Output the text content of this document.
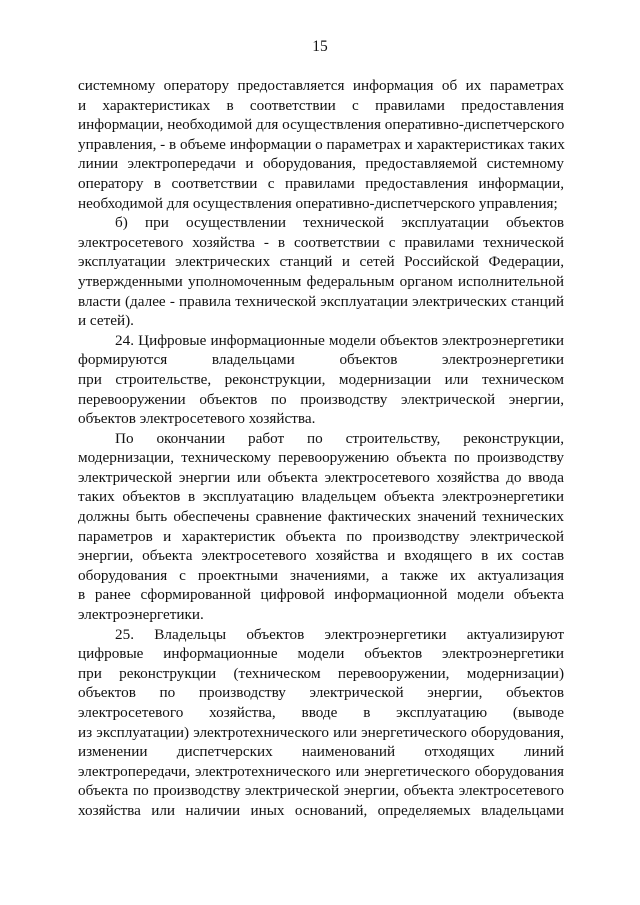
15
системному оператору предоставляется информация об их параметрах
и характеристиках в соответствии с правилами предоставления
информации, необходимой для осуществления оперативно-диспетчерского
управления, - в объеме информации о параметрах и характеристиках таких
линии электропередачи и оборудования, предоставляемой системному
оператору в соответствии с правилами предоставления информации,
необходимой для осуществления оперативно-диспетчерского управления;
б) при осуществлении технической эксплуатации объектов
электросетевого хозяйства - в соответствии с правилами технической
эксплуатации электрических станций и сетей Российской Федерации,
утвержденными уполномоченным федеральным органом исполнительной
власти (далее - правила технической эксплуатации электрических станций
и сетей).
24. Цифровые информационные модели объектов электроэнергетики
формируются владельцами объектов электроэнергетики
при строительстве, реконструкции, модернизации или техническом
перевооружении объектов по производству электрической энергии,
объектов электросетевого хозяйства.
По окончании работ по строительству, реконструкции,
модернизации, техническому перевооружению объекта по производству
электрической энергии или объекта электросетевого хозяйства до ввода
таких объектов в эксплуатацию владельцем объекта электроэнергетики
должны быть обеспечены сравнение фактических значений технических
параметров и характеристик объекта по производству электрической
энергии, объекта электросетевого хозяйства и входящего в их состав
оборудования с проектными значениями, а также их актуализация
в ранее сформированной цифровой информационной модели объекта
электроэнергетики.
25. Владельцы объектов электроэнергетики актуализируют
цифровые информационные модели объектов электроэнергетики
при реконструкции (техническом перевооружении, модернизации)
объектов по производству электрической энергии, объектов
электросетевого хозяйства, вводе в эксплуатацию (выводе
из эксплуатации) электротехнического или энергетического оборудования,
изменении диспетчерских наименований отходящих линий
электропередачи, электротехнического или энергетического оборудования
объекта по производству электрической энергии, объекта электросетевого
хозяйства или наличии иных оснований, определяемых владельцами
